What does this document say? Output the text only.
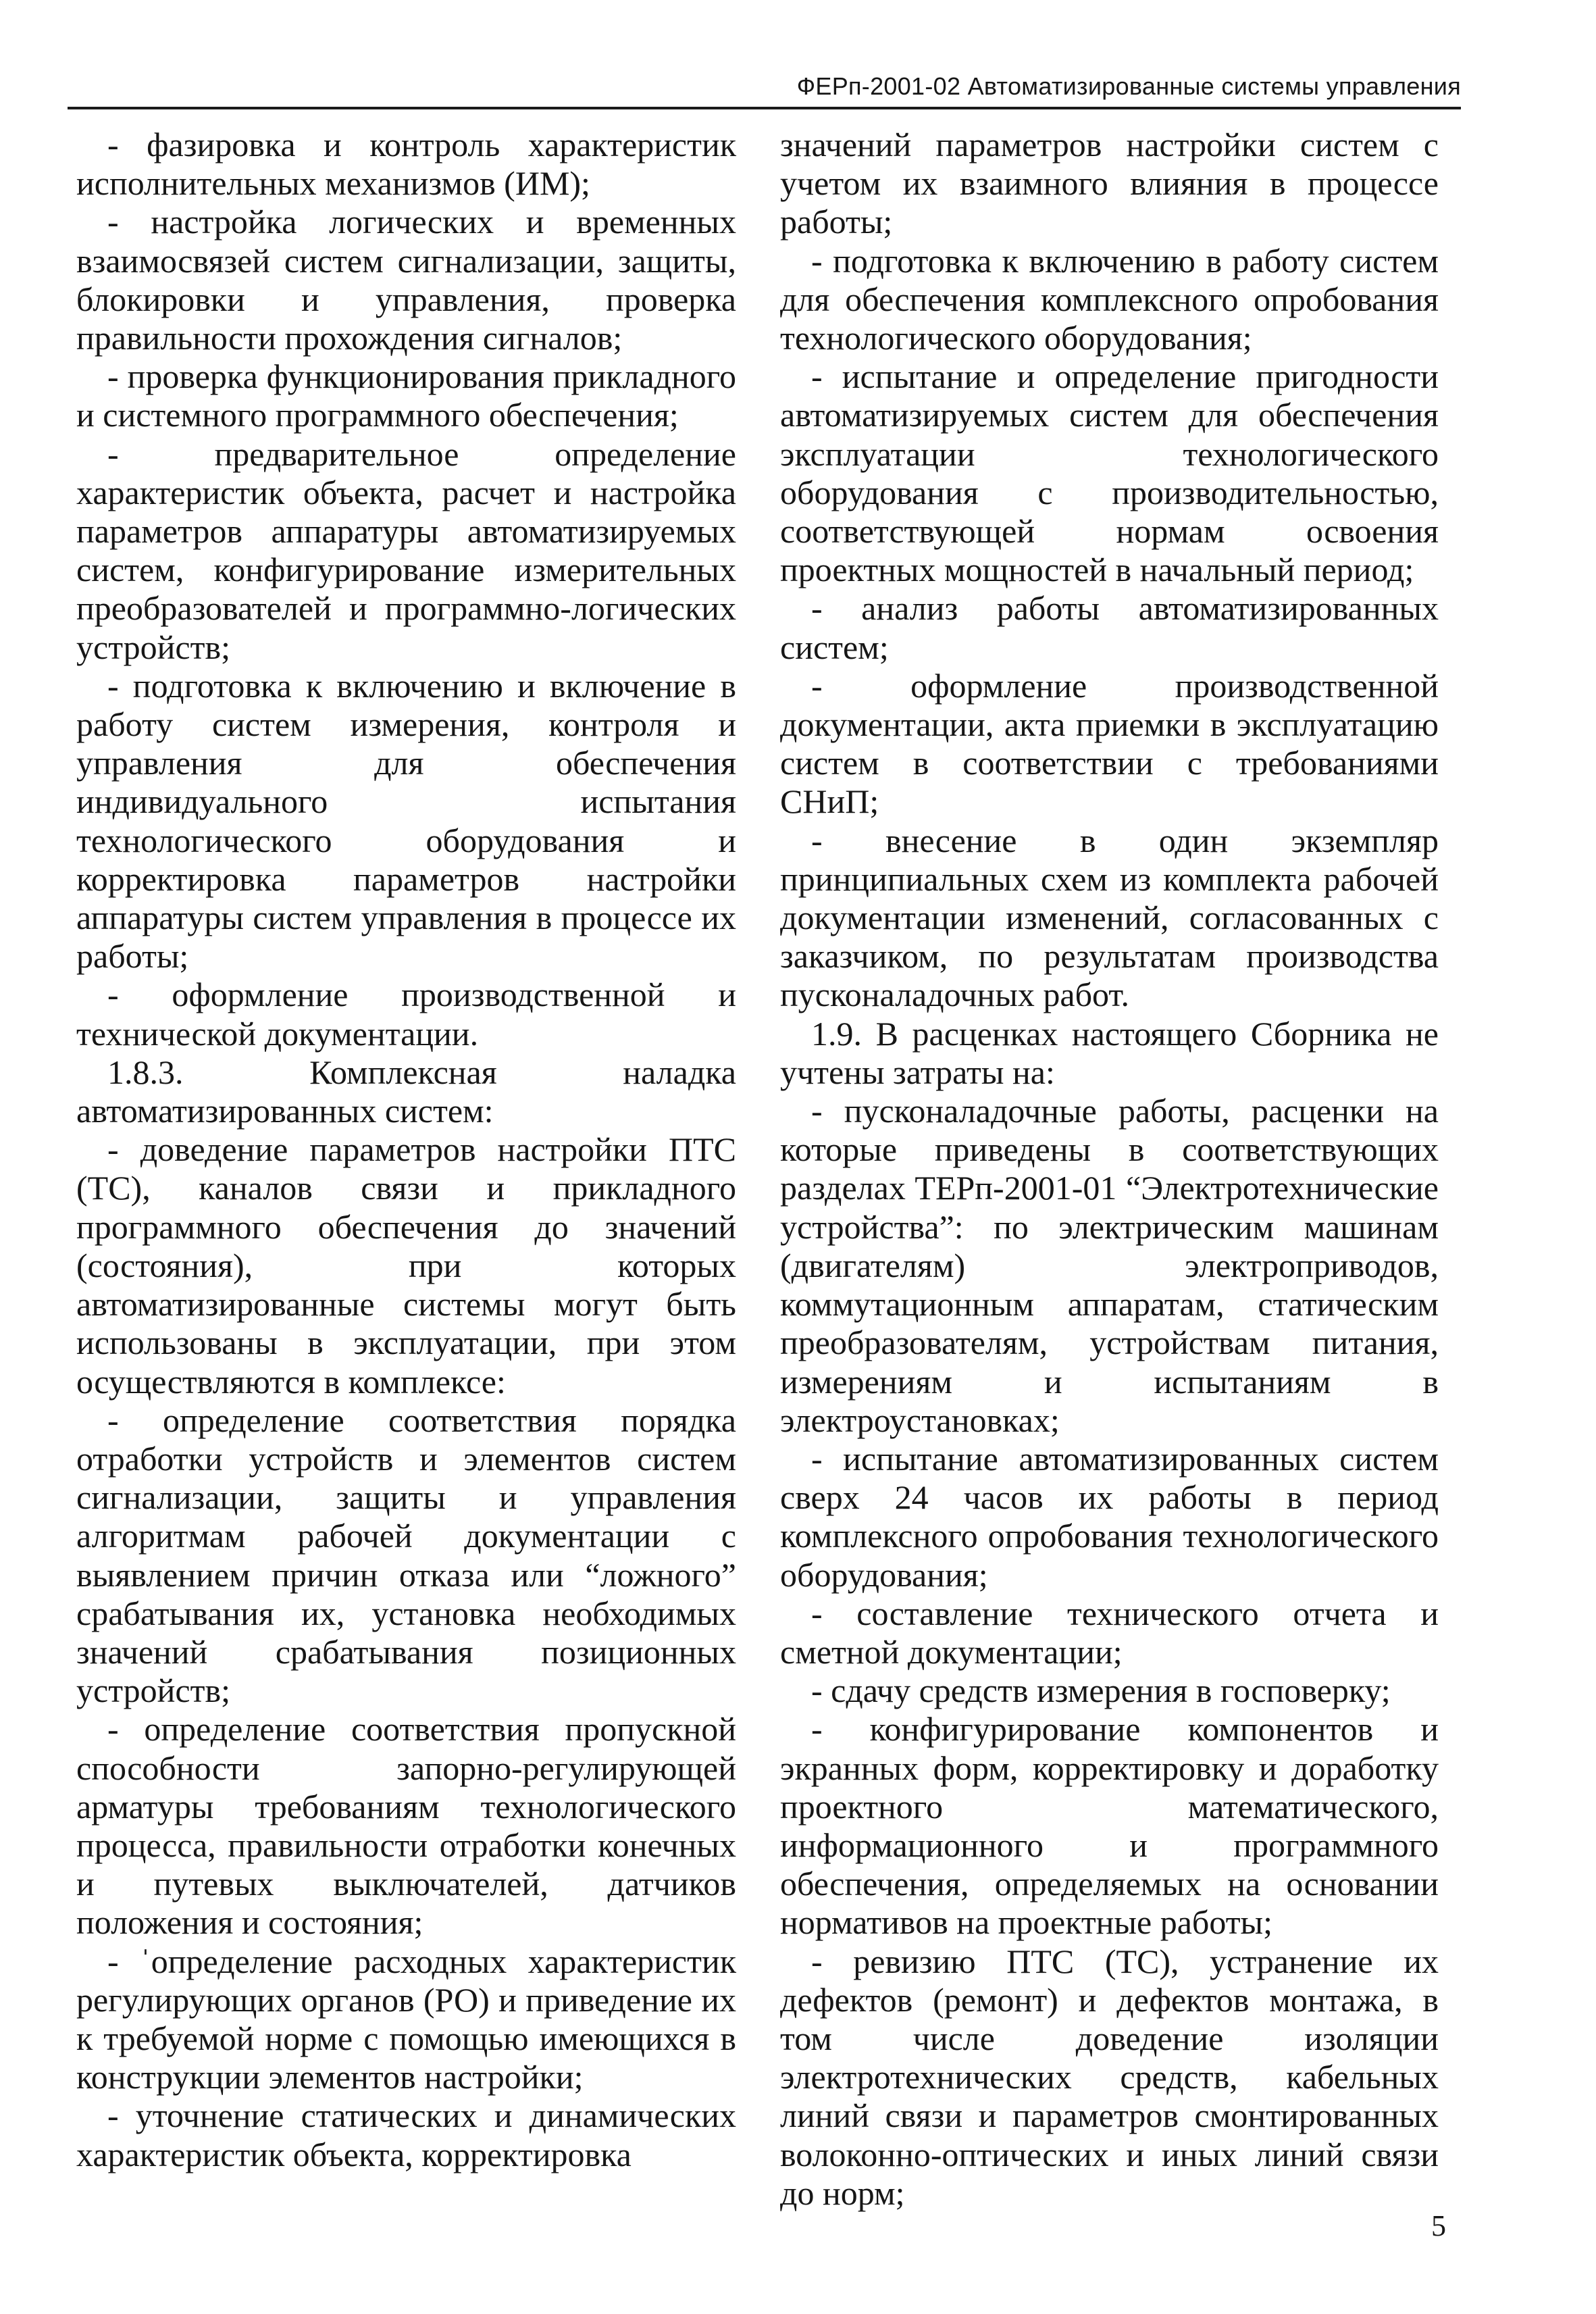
ФЕРп-2001-02 Автоматизированные системы управления

- фазировка и контроль характеристик исполнительных механизмов (ИМ);

- настройка логических и временных взаимосвязей систем сигнализации, защиты, блокировки и управления, проверка правильности прохождения сигналов;

- проверка функционирования прикладного и системного программного обеспечения;

- предварительное определение характеристик объекта, расчет и настройка параметров аппаратуры автоматизируемых систем, конфигурирование измерительных преобразователей и программно-логических устройств;

- подготовка к включению и включение в работу систем измерения, контроля и управления для обеспечения индивидуального испытания технологического оборудования и корректировка параметров настройки аппаратуры систем управления в процессе их работы;

- оформление производственной и технической документации.

1.8.3. Комплексная наладка автоматизированных систем:

- доведение параметров настройки ПТС (ТС), каналов связи и прикладного программного обеспечения до значений (состояния), при которых автоматизированные системы могут быть использованы в эксплуатации, при этом осуществляются в комплексе:

- определение соответствия порядка отработки устройств и элементов систем сигнализации, защиты и управления алгоритмам рабочей документации с выявлением причин отказа или “ложного” срабатывания их, установка необходимых значений срабатывания позиционных устройств;

- определение соответствия пропускной способности запорно-регулирующей арматуры требованиям технологического процесса, правильности отработки конечных и путевых выключателей, датчиков положения и состояния;

- ˈопределение расходных характеристик регулирующих органов (РО) и приведение их к требуемой норме с помощью имеющихся в конструкции элементов настройки;

- уточнение статических и динамических характеристик объекта, корректировка

значений параметров настройки систем с учетом их взаимного влияния в процессе работы;

- подготовка к включению в работу систем для обеспечения комплексного опробования технологического оборудования;

- испытание и определение пригодности автоматизируемых систем для обеспечения эксплуатации технологического оборудования с производительностью, соответствующей нормам освоения проектных мощностей в начальный период;

- анализ работы автоматизированных систем;

- оформление производственной документации, акта приемки в эксплуатацию систем в соответствии с требованиями СНиП;

- внесение в один экземпляр принципиальных схем из комплекта рабочей документации изменений, согласованных с заказчиком, по результатам производства пусконаладочных работ.

1.9. В расценках настоящего Сборника не учтены затраты на:

- пусконаладочные работы, расценки на которые приведены в соответствующих разделах ТЕРп-2001-01 “Электротехнические устройства”: по электрическим машинам (двигателям) электроприводов, коммутационным аппаратам, статическим преобразователям, устройствам питания, измерениям и испытаниям в электроустановках;

- испытание автоматизированных систем сверх 24 часов их работы в период комплексного опробования технологического оборудования;

- составление технического отчета и сметной документации;

- сдачу средств измерения в госповерку;

- конфигурирование компонентов и экранных форм, корректировку и доработку проектного математического, информационного и программного обеспечения, определяемых на основании нормативов на проектные работы;

- ревизию ПТС (ТС), устранение их дефектов (ремонт) и дефектов монтажа, в том числе доведение изоляции электротехнических средств, кабельных линий связи и параметров смонтированных волоконно-оптических и иных линий связи до норм;

5
